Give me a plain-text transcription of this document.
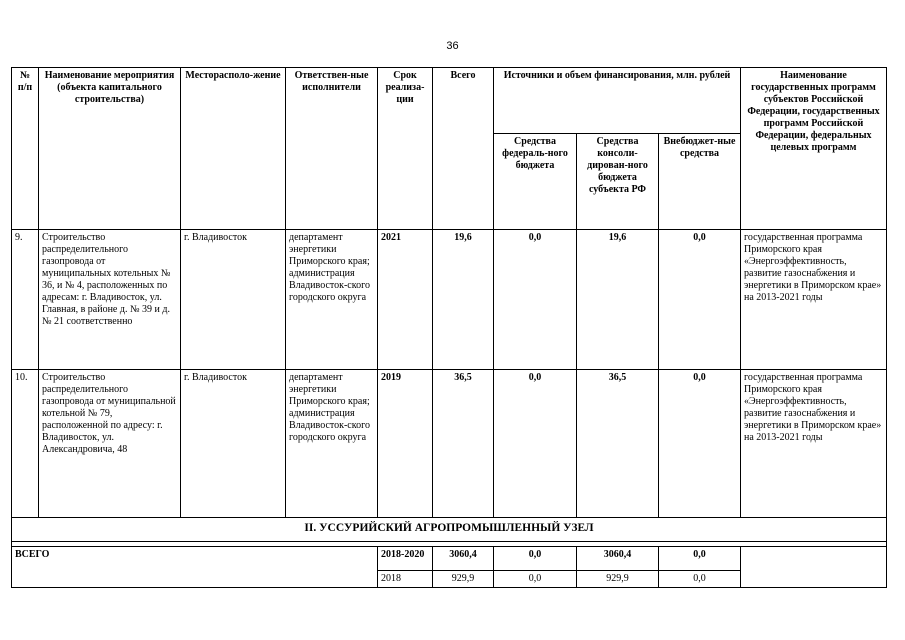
36
№ п/п	Наименование мероприятия (объекта капитального строительства)	Месторасполо-жение	Ответствен-ные исполнители	Срок реализа-ции	Всего	Источники и объем финансирования, млн. рублей			Наименование государственных программ субъектов Российской Федерации, государственных программ Российской Федерации, федеральных целевых программ
						Средства федераль-ного бюджета	Средства консоли-дирован-ного бюджета субъекта РФ	Внебюджет-ные средства	
9.	Строительство распределительного газопровода от муниципальных котельных № 36, и № 4, расположенных по адресам: г. Владивосток, ул. Главная, в районе д. № 39 и д. № 21 соответственно	г. Владивосток	департамент энергетики Приморского края; администрация Владивосток-ского городского округа	2021	19,6	0,0	19,6	0,0	государственная программа Приморского края «Энергоэффективность, развитие газоснабжения и энергетики в Приморском крае» на 2013-2021 годы
10.	Строительство распределительного газопровода от муниципальной котельной № 79, расположенной по адресу: г. Владивосток, ул. Александровича, 48	г. Владивосток	департамент энергетики Приморского края; администрация Владивосток-ского городского округа	2019	36,5	0,0	36,5	0,0	государственная программа Приморского края «Энергоэффективность, развитие газоснабжения и энергетики в Приморском крае» на 2013-2021 годы
II. УССУРИЙСКИЙ АГРОПРОМЫШЛЕННЫЙ УЗЕЛ									

ВСЕГО				2018-2020	3060,4	0,0	3060,4	0,0	
				2018	929,9	0,0	929,9	0,0	
